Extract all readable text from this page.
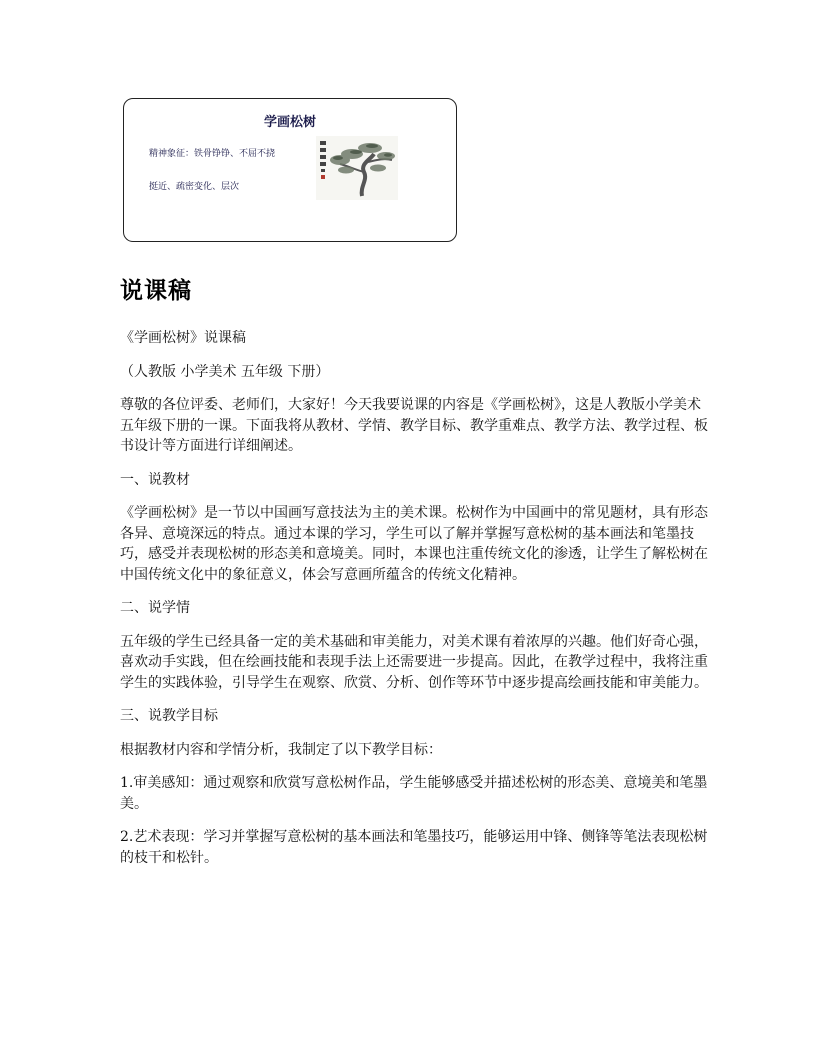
学画松树
精神象征：铁骨铮铮、不屈不挠
挺近、疏密变化、层次
说课稿

《学画松树》说课稿

（人教版 小学美术 五年级 下册）

尊敬的各位评委、老师们，大家好！今天我要说课的内容是《学画松树》，这是人教版小学美术五年级下册的一课。下面我将从教材、学情、教学目标、教学重难点、教学方法、教学过程、板书设计等方面进行详细阐述。

一、说教材

《学画松树》是一节以中国画写意技法为主的美术课。松树作为中国画中的常见题材，具有形态各异、意境深远的特点。通过本课的学习，学生可以了解并掌握写意松树的基本画法和笔墨技巧，感受并表现松树的形态美和意境美。同时，本课也注重传统文化的渗透，让学生了解松树在中国传统文化中的象征意义，体会写意画所蕴含的传统文化精神。

二、说学情

五年级的学生已经具备一定的美术基础和审美能力，对美术课有着浓厚的兴趣。他们好奇心强，喜欢动手实践，但在绘画技能和表现手法上还需要进一步提高。因此，在教学过程中，我将注重学生的实践体验，引导学生在观察、欣赏、分析、创作等环节中逐步提高绘画技能和审美能力。

三、说教学目标

根据教材内容和学情分析，我制定了以下教学目标：

1.审美感知：通过观察和欣赏写意松树作品，学生能够感受并描述松树的形态美、意境美和笔墨美。

2.艺术表现：学习并掌握写意松树的基本画法和笔墨技巧，能够运用中锋、侧锋等笔法表现松树的枝干和松针。
